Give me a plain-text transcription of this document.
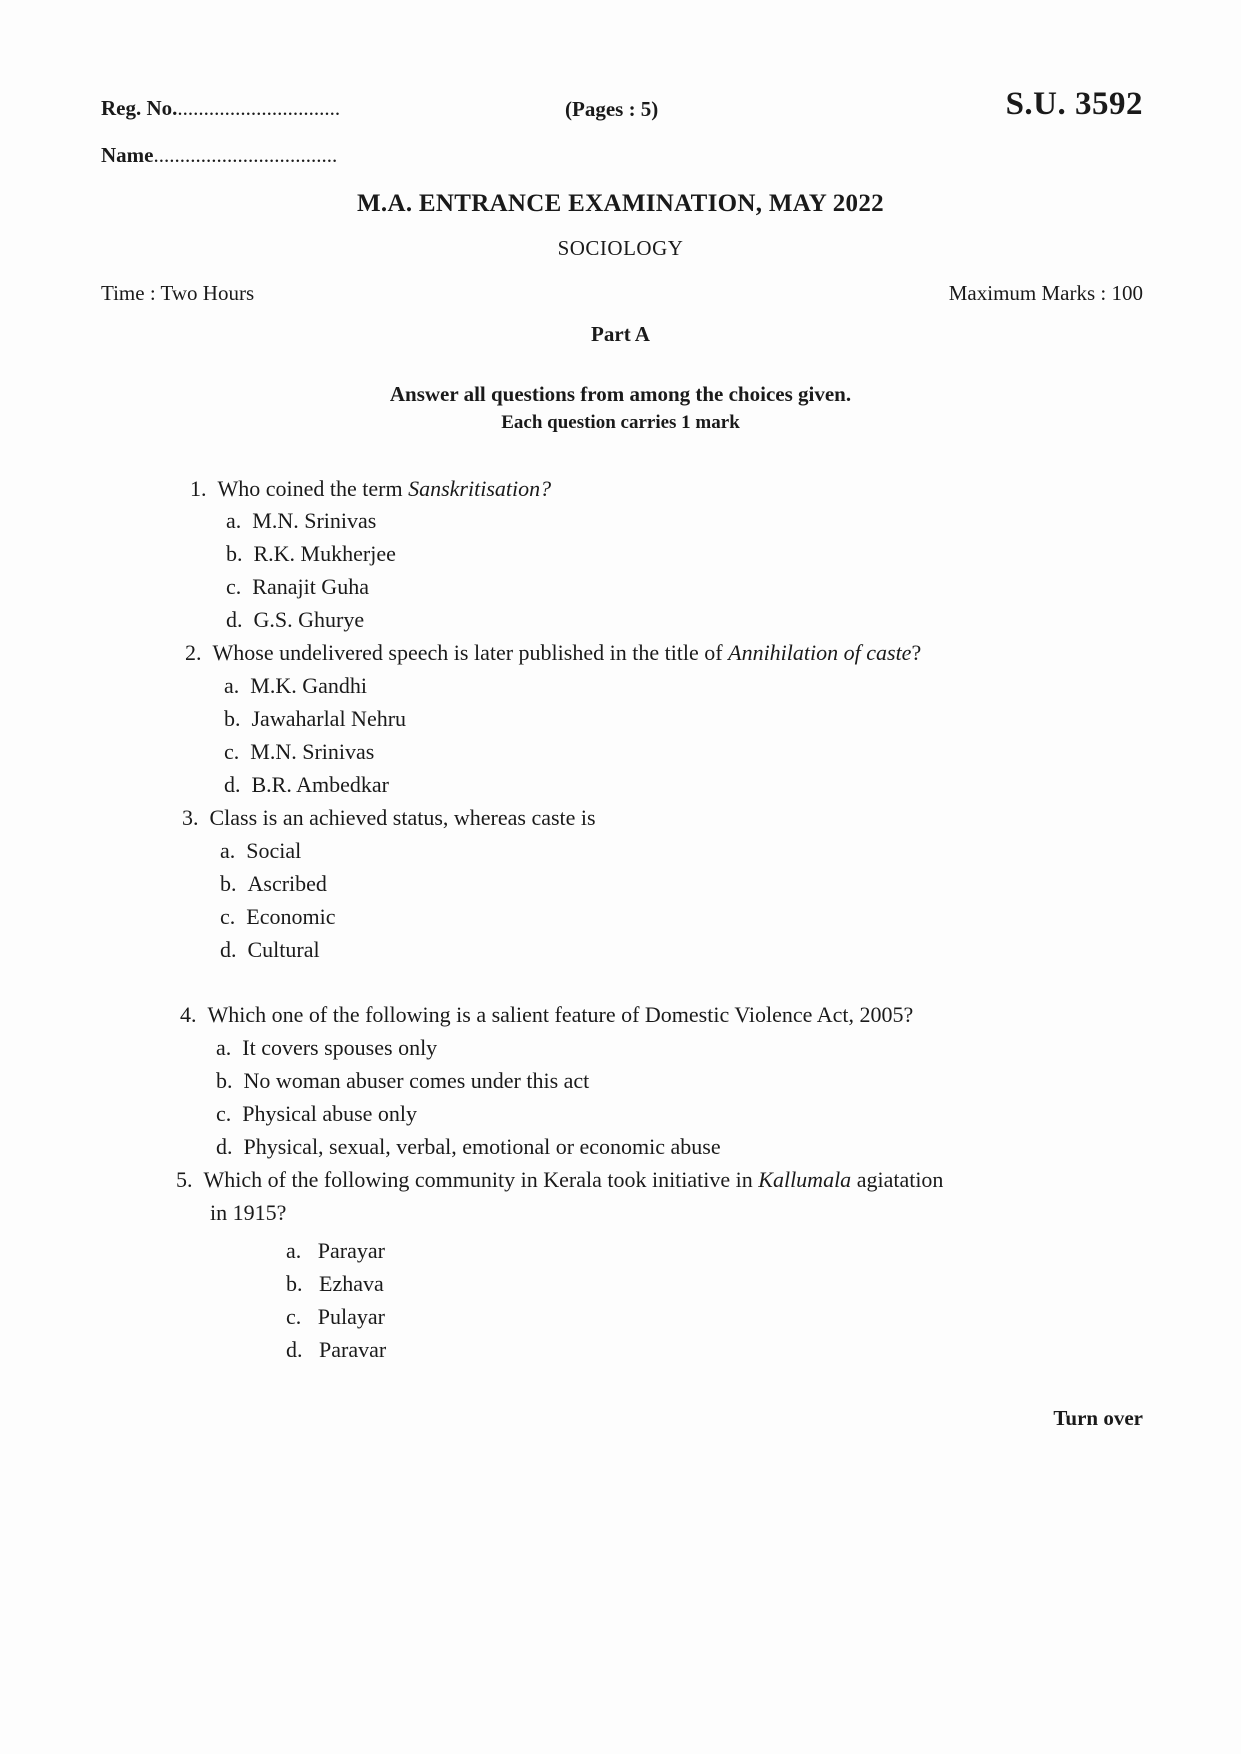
Reg. No................................
Name...................................
(Pages : 5)	S.U. 3592
M.A. ENTRANCE EXAMINATION, MAY 2022
SOCIOLOGY
Time : Two Hours	Maximum Marks : 100
Part A
Answer all questions from among the choices given.
Each question carries 1 mark
1. Who coined the term Sanskritisation?
a. M.N. Srinivas
b. R.K. Mukherjee
c. Ranajit Guha
d. G.S. Ghurye
2. Whose undelivered speech is later published in the title of Annihilation of caste?
a. M.K. Gandhi
b. Jawaharlal Nehru
c. M.N. Srinivas
d. B.R. Ambedkar
3. Class is an achieved status, whereas caste is
a. Social
b. Ascribed
c. Economic
d. Cultural
4. Which one of the following is a salient feature of Domestic Violence Act, 2005?
a. It covers spouses only
b. No woman abuser comes under this act
c. Physical abuse only
d. Physical, sexual, verbal, emotional or economic abuse
5. Which of the following community in Kerala took initiative in Kallumala agiatation
in 1915?
a. Parayar
b. Ezhava
c. Pulayar
d. Paravar
Turn over
